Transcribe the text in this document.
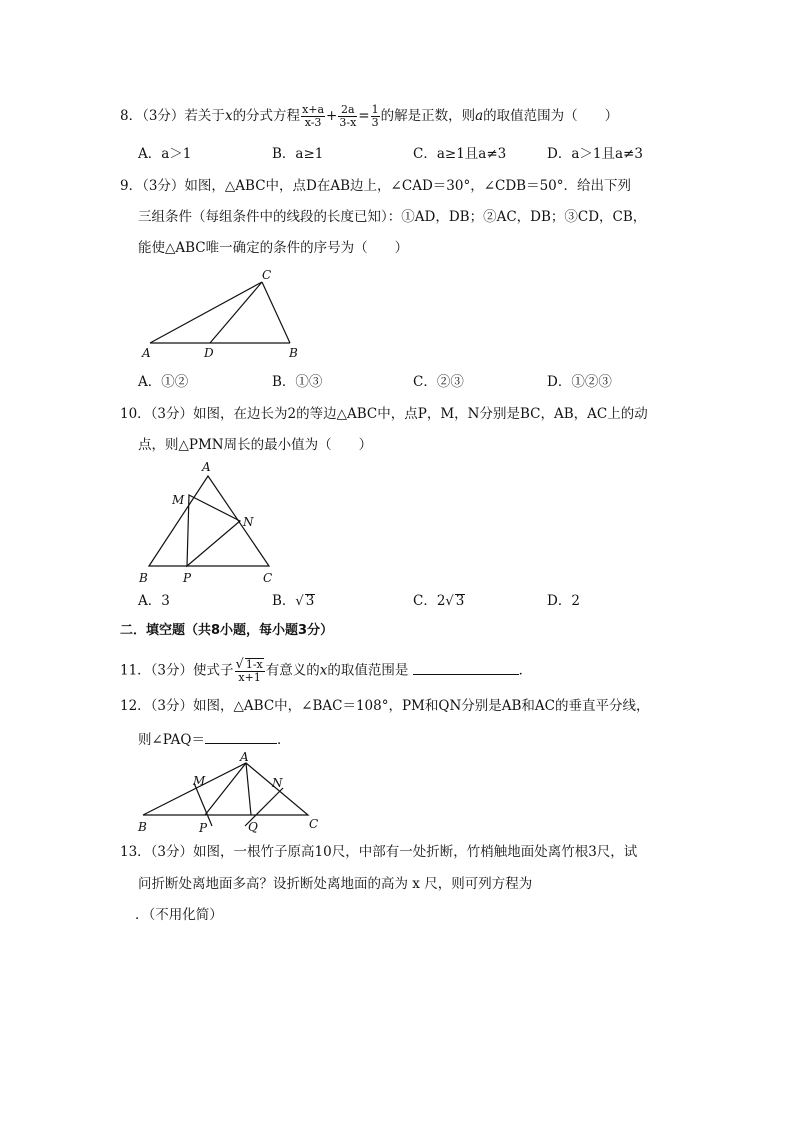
8．（3分）若关于x的分式方程 $\frac{x+a}{x-3} + \frac{2a}{3-x} = \frac{1}{3}$ 的解是正数，则a的取值范围为（　　）
A．a＞1	B．a≥1	C．a≥1且a≠3	D．a＞1且a≠3
9．（3分）如图，△ABC中，点D在AB边上，∠CAD＝30°，∠CDB＝50°．给出下列
三组条件（每组条件中的线段的长度已知）：①AD，DB；②AC，DB；③CD，CB，
能使△ABC唯一确定的条件的序号为（　　）
A	D	B
C
A
M
N
B	P	C
A
M	N
B	P	Q	C
A．①②	B．①③	C．②③	D．①②③
10．（3分）如图，在边长为2的等边△ABC中，点P，M，N分别是BC，AB，AC上的动
点，则△PMN周长的最小值为（　　）
A．3	B．√ 3	C．2√ 3	D．2
二．填空题（共8小题，每小题3分）
11．（3分）使式子 $\frac{√ 1-x}{x+1}$ 有意义的x的取值范围是	．
12．（3分）如图，△ABC中，∠BAC＝108°，PM和QN分别是AB和AC的垂直平分线，
则∠PAQ＝	．
13．（3分）如图，一根竹子原高10尺，中部有一处折断，竹梢触地面处离竹根3尺，试
问折断处离地面多高？设折断处离地面的高为 x 尺，则可列方程为
．（不用化简）
